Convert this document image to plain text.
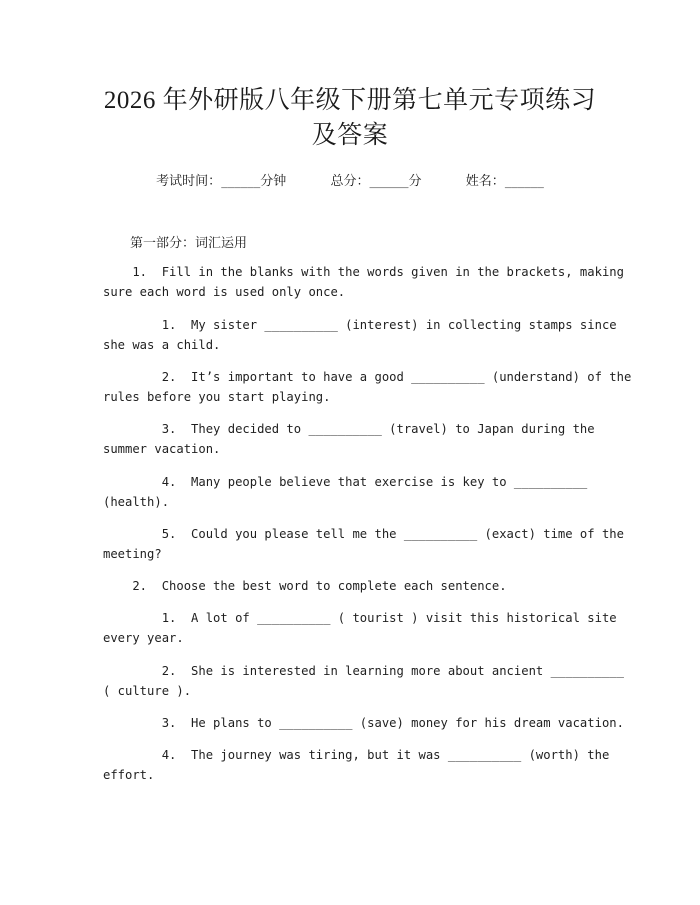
2026 年外研版八年级下册第七单元专项练习
及答案
考试时间：______分钟	总分：______分	姓名：______
第一部分：词汇运用
1.  Fill in the blanks with the words given in the brackets, making
sure each word is used only once.
1.  My sister __________ (interest) in collecting stamps since
she was a child.
2.  It’s important to have a good __________ (understand) of the
rules before you start playing.
3.  They decided to __________ (travel) to Japan during the
summer vacation.
4.  Many people believe that exercise is key to __________
(health).
5.  Could you please tell me the __________ (exact) time of the
meeting?
2.  Choose the best word to complete each sentence.
1.  A lot of __________ ( tourist ) visit this historical site
every year.
2.  She is interested in learning more about ancient __________
( culture ).
3.  He plans to __________ (save) money for his dream vacation.
4.  The journey was tiring, but it was __________ (worth) the
effort.
